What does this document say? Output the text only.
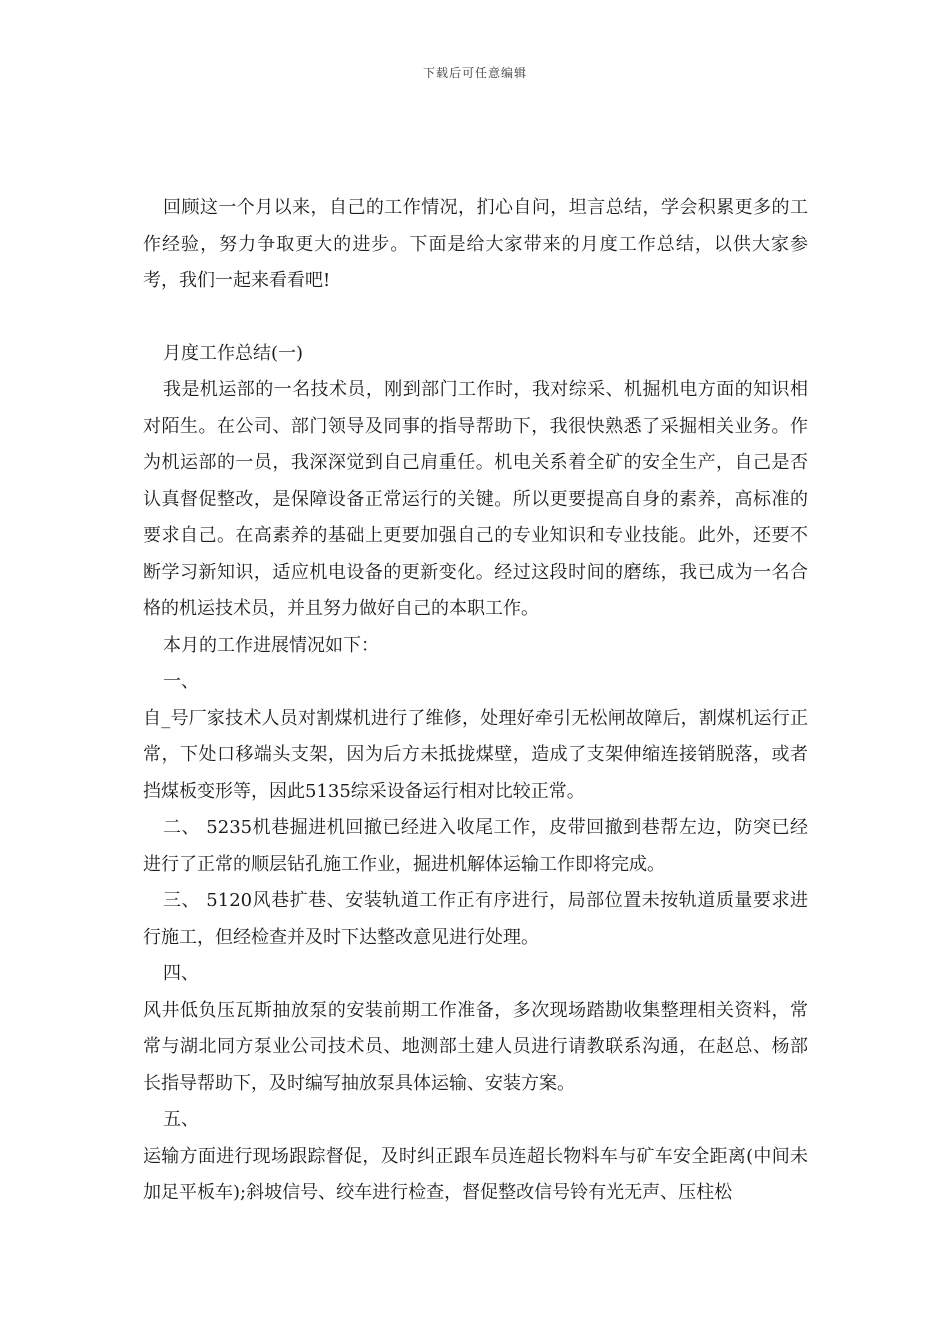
下载后可任意编辑

回顾这一个月以来，自己的工作情况，扪心自问，坦言总结，学会积累更多的工作经验，努力争取更大的进步。下面是给大家带来的月度工作总结，以供大家参考，我们一起来看看吧!

月度工作总结(一)

我是机运部的一名技术员，刚到部门工作时，我对综采、机掘机电方面的知识相对陌生。在公司、部门领导及同事的指导帮助下，我很快熟悉了采掘相关业务。作为机运部的一员，我深深觉到自己肩重任。机电关系着全矿的安全生产，自己是否认真督促整改，是保障设备正常运行的关键。所以更要提高自身的素养，高标准的要求自己。在高素养的基础上更要加强自己的专业知识和专业技能。此外，还要不断学习新知识，适应机电设备的更新变化。经过这段时间的磨练，我已成为一名合格的机运技术员，并且努力做好自己的本职工作。

本月的工作进展情况如下：

一、

自_号厂家技术人员对割煤机进行了维修，处理好牵引无松闸故障后，割煤机运行正常，下处口移端头支架，因为后方未抵拢煤壁，造成了支架伸缩连接销脱落，或者挡煤板变形等，因此5135综采设备运行相对比较正常。

二、 5235机巷掘进机回撤已经进入收尾工作，皮带回撤到巷帮左边，防突已经进行了正常的顺层钻孔施工作业，掘进机解体运输工作即将完成。

三、 5120风巷扩巷、安装轨道工作正有序进行，局部位置未按轨道质量要求进行施工，但经检查并及时下达整改意见进行处理。

四、

风井低负压瓦斯抽放泵的安装前期工作准备，多次现场踏勘收集整理相关资料，常常与湖北同方泵业公司技术员、地测部土建人员进行请教联系沟通，在赵总、杨部长指导帮助下，及时编写抽放泵具体运输、安装方案。

五、

运输方面进行现场跟踪督促，及时纠正跟车员连超长物料车与矿车安全距离(中间未加足平板车);斜坡信号、绞车进行检查，督促整改信号铃有光无声、压柱松
